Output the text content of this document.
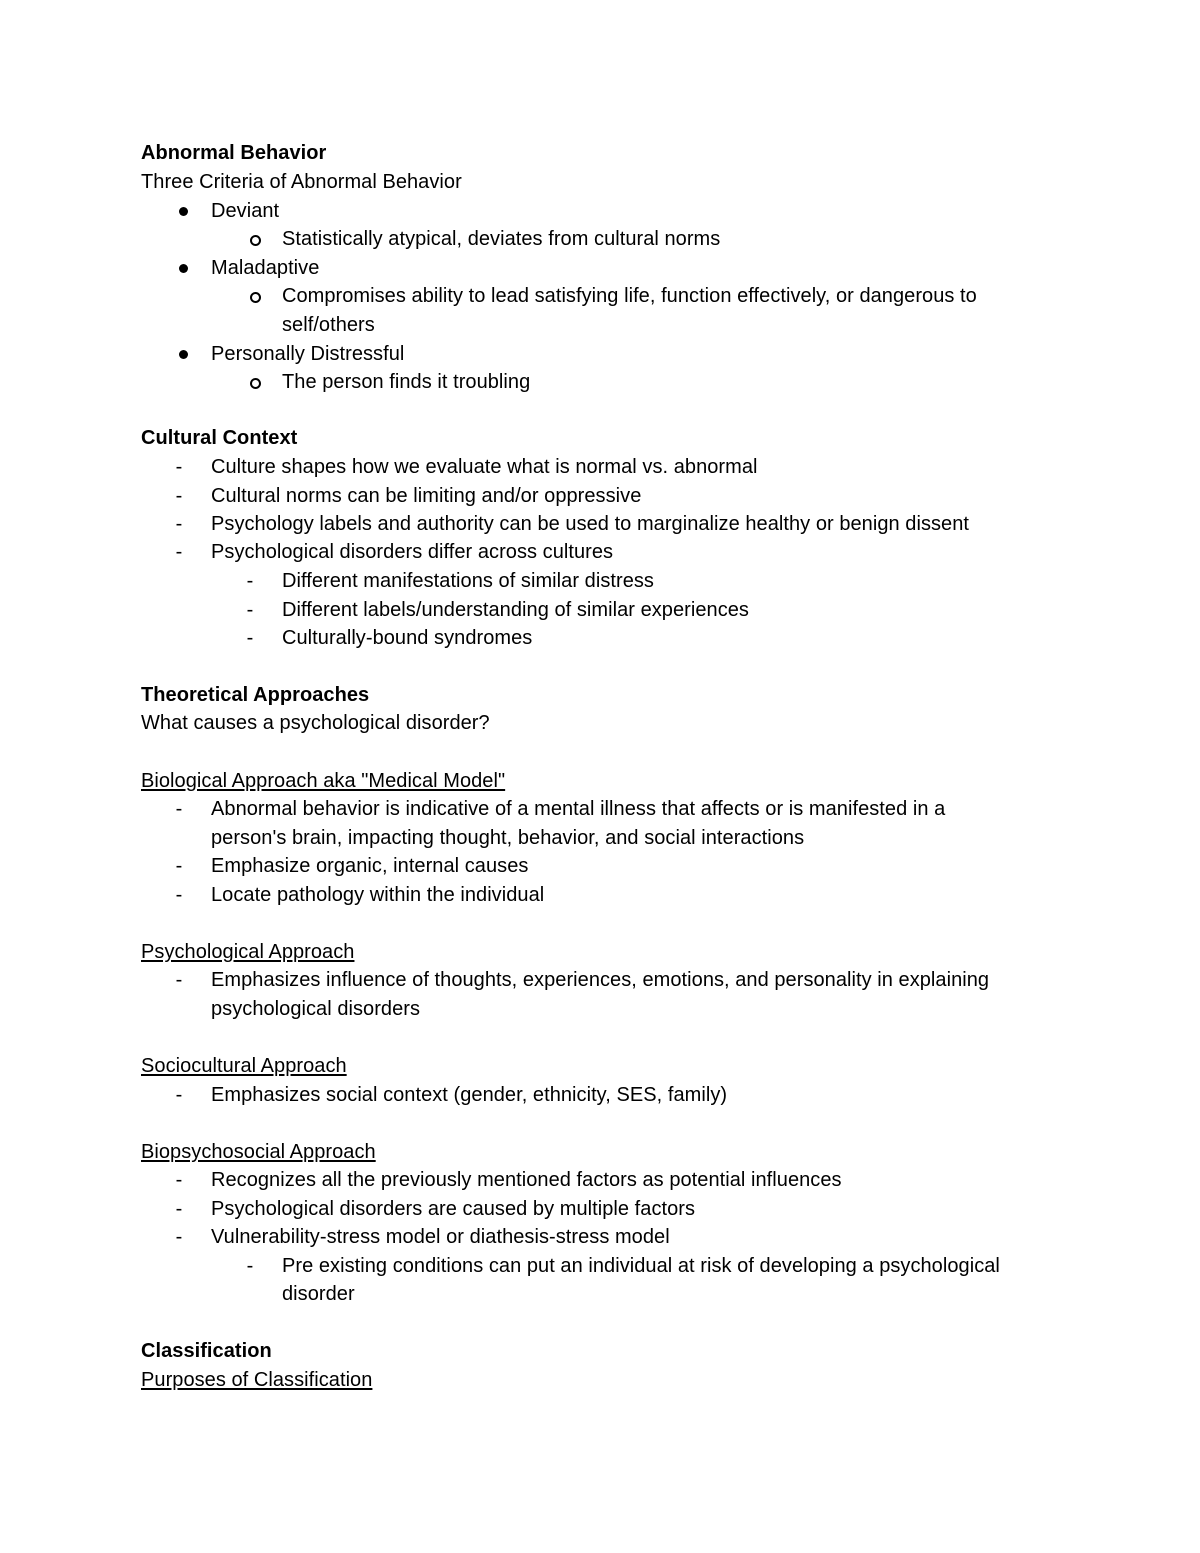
Abnormal Behavior
Three Criteria of Abnormal Behavior
Deviant
Statistically atypical, deviates from cultural norms
Maladaptive
Compromises ability to lead satisfying life, function effectively, or dangerous to
self/others
Personally Distressful
The person finds it troubling
Cultural Context
-	Culture shapes how we evaluate what is normal vs. abnormal
-	Cultural norms can be limiting and/or oppressive
-	Psychology labels and authority can be used to marginalize healthy or benign dissent
-	Psychological disorders differ across cultures
-	Different manifestations of similar distress
-	Different labels/understanding of similar experiences
-	Culturally-bound syndromes
Theoretical Approaches
What causes a psychological disorder?
Biological Approach aka "Medical Model"
-	Abnormal behavior is indicative of a mental illness that affects or is manifested in a
person's brain, impacting thought, behavior, and social interactions
-	Emphasize organic, internal causes
-	Locate pathology within the individual
Psychological Approach
-	Emphasizes influence of thoughts, experiences, emotions, and personality in explaining
psychological disorders
Sociocultural Approach
-	Emphasizes social context (gender, ethnicity, SES, family)
Biopsychosocial Approach
-	Recognizes all the previously mentioned factors as potential influences
-	Psychological disorders are caused by multiple factors
-	Vulnerability-stress model or diathesis-stress model
-	Pre existing conditions can put an individual at risk of developing a psychological
disorder
Classification
Purposes of Classification
